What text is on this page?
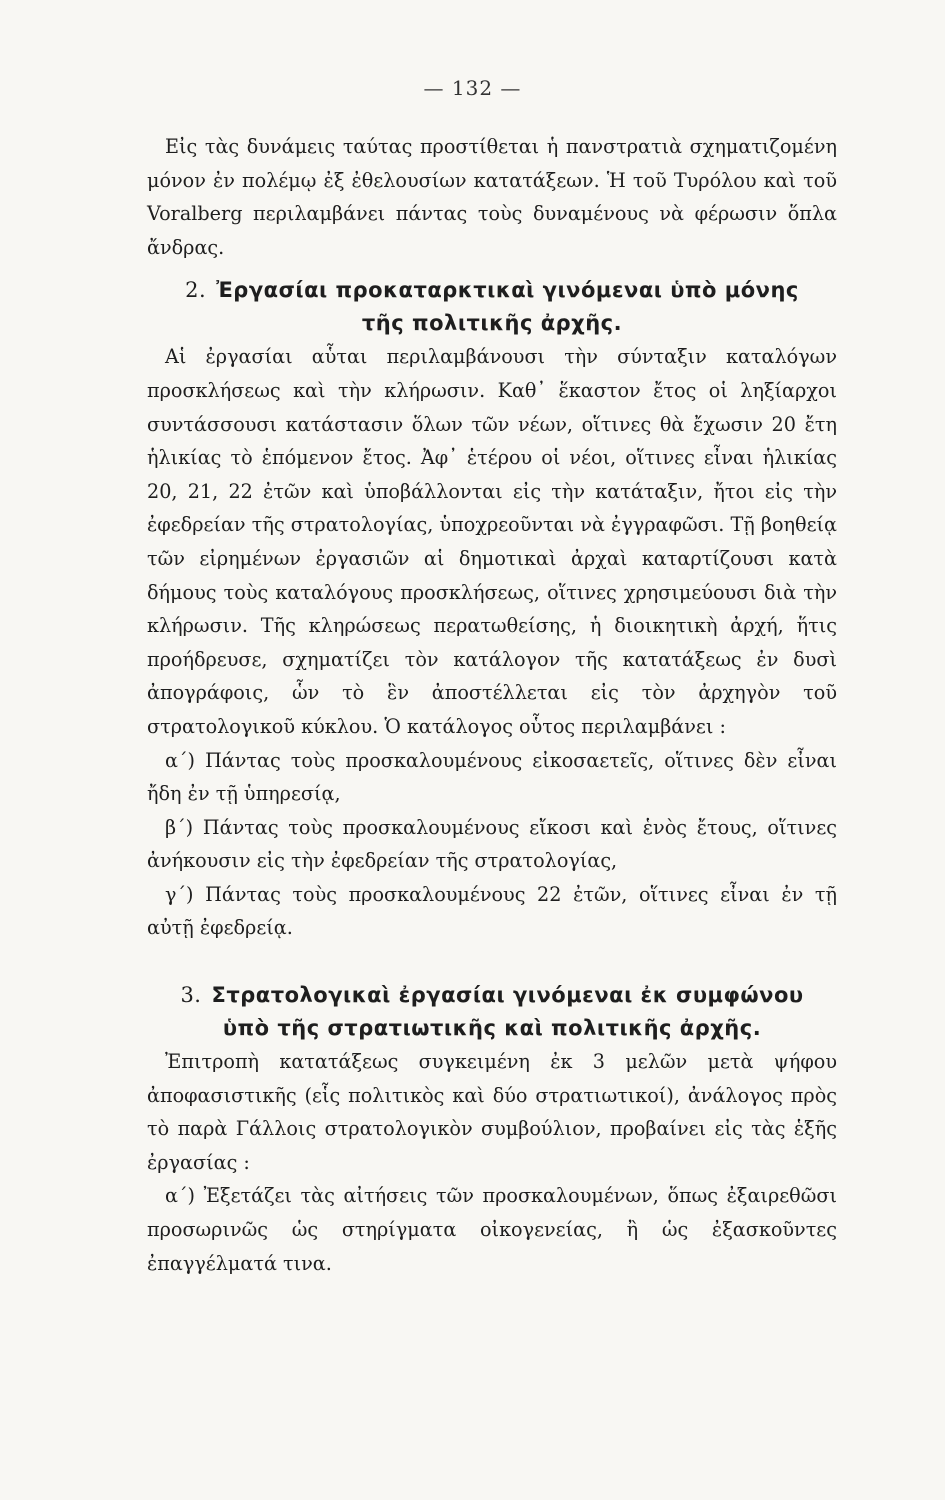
— 132 —

Εἰς τὰς δυνάμεις ταύτας προστίθεται ἡ πανστρατιὰ σχηματιζομένη μόνον ἐν πολέμῳ ἐξ ἐθελουσίων κατατάξεων. Ἡ τοῦ Τυρόλου καὶ τοῦ Voralberg περιλαμβάνει πάντας τοὺς δυναμένους νὰ φέρωσιν ὅπλα ἄνδρας.

2. Ἐργασίαι προκαταρκτικαὶ γινόμεναι ὑπὸ μόνης
τῆς πολιτικῆς ἀρχῆς.

Αἱ ἐργασίαι αὗται περιλαμβάνουσι τὴν σύνταξιν καταλόγων προσκλήσεως καὶ τὴν κλήρωσιν. Καθ᾽ ἕκαστον ἔτος οἱ ληξίαρχοι συντάσσουσι κατάστασιν ὅλων τῶν νέων, οἵτινες θὰ ἔχωσιν 20 ἔτη ἡλικίας τὸ ἑπόμενον ἔτος. Ἀφ᾽ ἑτέρου οἱ νέοι, οἵτινες εἶναι ἡλικίας 20, 21, 22 ἐτῶν καὶ ὑποβάλλονται εἰς τὴν κατάταξιν, ἤτοι εἰς τὴν ἐφεδρείαν τῆς στρατολογίας, ὑποχρεοῦνται νὰ ἐγγραφῶσι. Τῇ βοηθείᾳ τῶν εἰρημένων ἐργασιῶν αἱ δημοτικαὶ ἀρχαὶ καταρτίζουσι κατὰ δήμους τοὺς καταλόγους προσκλήσεως, οἵτινες χρησιμεύουσι διὰ τὴν κλήρωσιν. Τῆς κληρώσεως περατωθείσης, ἡ διοικητικὴ ἀρχή, ἥτις προήδρευσε, σχηματίζει τὸν κατάλογον τῆς κατατάξεως ἐν δυσὶ ἀπογράφοις, ὧν τὸ ἓν ἀποστέλλεται εἰς τὸν ἀρχηγὸν τοῦ στρατολογικοῦ κύκλου. Ὁ κατάλογος οὗτος περιλαμβάνει :

α´) Πάντας τοὺς προσκαλουμένους εἰκοσαετεῖς, οἵτινες δὲν εἶναι ἤδη ἐν τῇ ὑπηρεσίᾳ,

β´) Πάντας τοὺς προσκαλουμένους εἴκοσι καὶ ἑνὸς ἔτους, οἵτινες ἀνήκουσιν εἰς τὴν ἐφεδρείαν τῆς στρατολογίας,

γ´) Πάντας τοὺς προσκαλουμένους 22 ἐτῶν, οἵτινες εἶναι ἐν τῇ αὐτῇ ἐφεδρείᾳ.

3. Στρατολογικαὶ ἐργασίαι γινόμεναι ἐκ συμφώνου
ὑπὸ τῆς στρατιωτικῆς καὶ πολιτικῆς ἀρχῆς.

Ἐπιτροπὴ κατατάξεως συγκειμένη ἐκ 3 μελῶν μετὰ ψήφου ἀποφασιστικῆς (εἷς πολιτικὸς καὶ δύο στρατιωτικοί), ἀνάλογος πρὸς τὸ παρὰ Γάλλοις στρατολογικὸν συμβούλιον, προβαίνει εἰς τὰς ἑξῆς ἐργασίας :

α´) Ἐξετάζει τὰς αἰτήσεις τῶν προσκαλουμένων, ὅπως ἐξαιρεθῶσι προσωρινῶς ὡς στηρίγματα οἰκογενείας, ἢ ὡς ἐξασκοῦντες ἐπαγγέλματά τινα.
